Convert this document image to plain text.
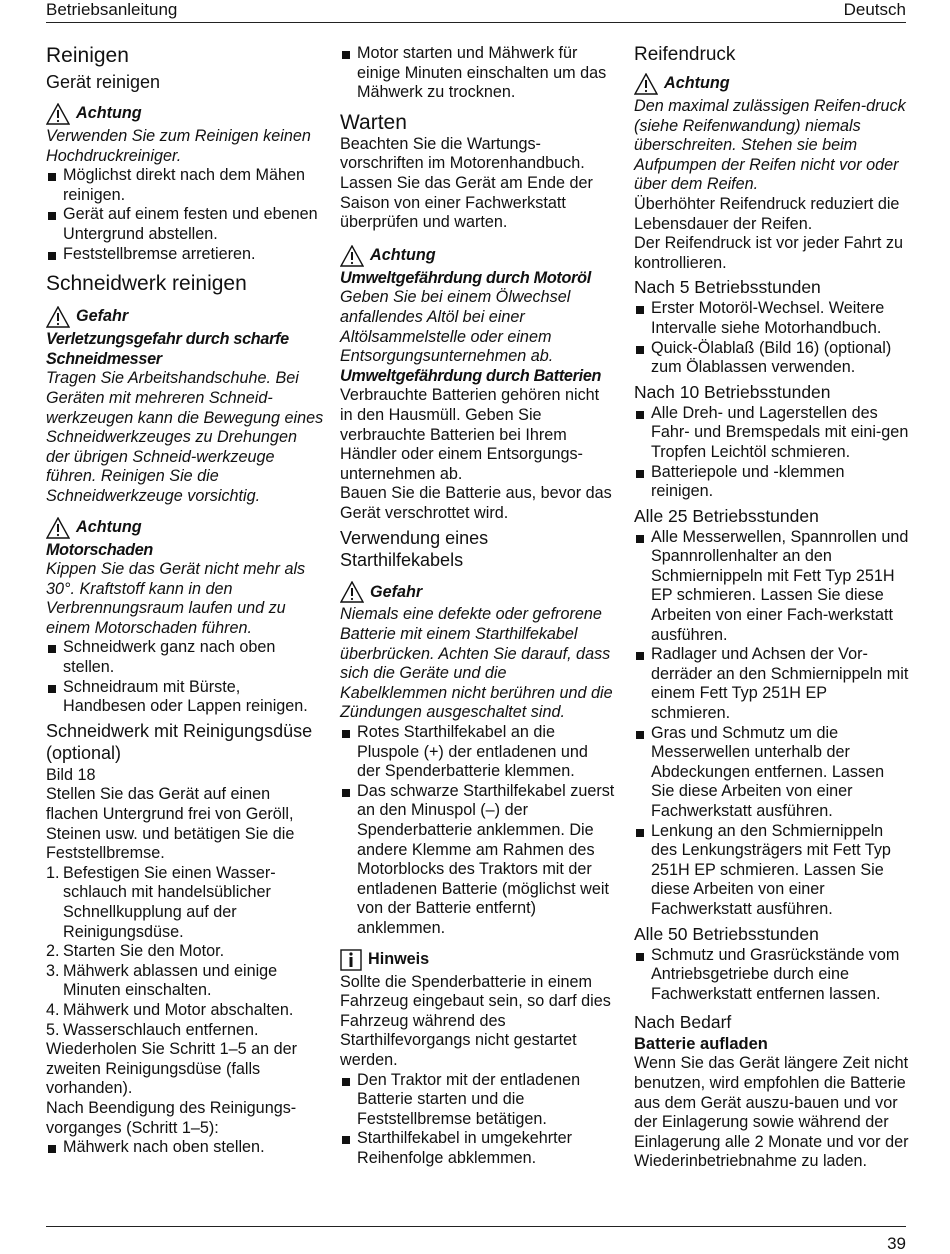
Betriebsanleitung	Deutsch
Reinigen
Gerät reinigen
Achtung

Verwenden Sie zum Reinigen keinen Hochdruckreiniger.

Möglichst direkt nach dem Mähen reinigen.
Gerät auf einem festen und ebenen Untergrund abstellen.
Feststellbremse arretieren.
Schneidwerk reinigen
Gefahr

Verletzungsgefahr durch scharfe Schneidmesser

Tragen Sie Arbeitshandschuhe. Bei Geräten mit mehreren Schneid-werkzeugen kann die Bewegung eines Schneidwerkzeuges zu Drehungen der übrigen Schneid-werkzeuge führen. Reinigen Sie die Schneidwerkzeuge vorsichtig.

Achtung

Motorschaden

Kippen Sie das Gerät nicht mehr als 30°. Kraftstoff kann in den Verbrennungsraum laufen und zu einem Motorschaden führen.

Schneidwerk ganz nach oben stellen.
Schneidraum mit Bürste, Handbesen oder Lappen reinigen.
Schneidwerk mit Reinigungsdüse (optional)

Bild 18

Stellen Sie das Gerät auf einen flachen Untergrund frei von Geröll, Steinen usw. und betätigen Sie die Feststellbremse.

1. Befestigen Sie einen Wasser-schlauch mit handelsüblicher Schnellkupplung auf der Reinigungsdüse.
2. Starten Sie den Motor.
3. Mähwerk ablassen und einige Minuten einschalten.
4. Mähwerk und Motor abschalten.
5. Wasserschlauch entfernen.

Wiederholen Sie Schritt 1–5 an der zweiten Reinigungsdüse (falls vorhanden).

Nach Beendigung des Reinigungs-vorganges (Schritt 1–5):

Mähwerk nach oben stellen.
Motor starten und Mähwerk für einige Minuten einschalten um das Mähwerk zu trocknen.
Warten

Beachten Sie die Wartungs-vorschriften im Motorenhandbuch. Lassen Sie das Gerät am Ende der Saison von einer Fachwerkstatt überprüfen und warten.

Achtung

Umweltgefährdung durch Motoröl

Geben Sie bei einem Ölwechsel anfallendes Altöl bei einer Altölsammelstelle oder einem Entsorgungsunternehmen ab.

Umweltgefährdung durch Batterien

Verbrauchte Batterien gehören nicht in den Hausmüll. Geben Sie verbrauchte Batterien bei Ihrem Händler oder einem Entsorgungs-unternehmen ab.

Bauen Sie die Batterie aus, bevor das Gerät verschrottet wird.

Verwendung eines Starthilfekabels
Gefahr

Niemals eine defekte oder gefrorene Batterie mit einem Starthilfekabel überbrücken. Achten Sie darauf, dass sich die Geräte und die Kabelklemmen nicht berühren und die Zündungen ausgeschaltet sind.

Rotes Starthilfekabel an die Pluspole (+) der entladenen und der Spenderbatterie klemmen.
Das schwarze Starthilfekabel zuerst an den Minuspol (–) der Spenderbatterie anklemmen. Die andere Klemme am Rahmen des Motorblocks des Traktors mit der entladenen Batterie (möglichst weit von der Batterie entfernt) anklemmen.
Hinweis

Sollte die Spenderbatterie in einem Fahrzeug eingebaut sein, so darf dies Fahrzeug während des Starthilfevorgangs nicht gestartet werden.

Den Traktor mit der entladenen Batterie starten und die Feststellbremse betätigen.
Starthilfekabel in umgekehrter Reihenfolge abklemmen.
Reifendruck
Achtung

Den maximal zulässigen Reifen-druck (siehe Reifenwandung) niemals überschreiten. Stehen sie beim Aufpumpen der Reifen nicht vor oder über dem Reifen.

Überhöhter Reifendruck reduziert die Lebensdauer der Reifen.

Der Reifendruck ist vor jeder Fahrt zu kontrollieren.

Nach 5 Betriebsstunden
Erster Motoröl-Wechsel. Weitere Intervalle siehe Motorhandbuch.
Quick-Ölablaß (Bild 16) (optional) zum Ölablassen verwenden.
Nach 10 Betriebsstunden
Alle Dreh- und Lagerstellen des Fahr- und Bremspedals mit eini-gen Tropfen Leichtöl schmieren.
Batteriepole und -klemmen reinigen.
Alle 25 Betriebsstunden
Alle Messerwellen, Spannrollen und Spannrollenhalter an den Schmiernippeln mit Fett Typ 251H EP schmieren. Lassen Sie diese Arbeiten von einer Fach-werkstatt ausführen.
Radlager und Achsen der Vor-derräder an den Schmiernippeln mit einem Fett Typ 251H EP schmieren.
Gras und Schmutz um die Messerwellen unterhalb der Abdeckungen entfernen. Lassen Sie diese Arbeiten von einer Fachwerkstatt ausführen.
Lenkung an den Schmiernippeln des Lenkungsträgers mit Fett Typ 251H EP schmieren. Lassen Sie diese Arbeiten von einer Fachwerkstatt ausführen.
Alle 50 Betriebsstunden
Schmutz und Grasrückstände vom Antriebsgetriebe durch eine Fachwerkstatt entfernen lassen.
Nach Bedarf

Batterie aufladen

Wenn Sie das Gerät längere Zeit nicht benutzen, wird empfohlen die Batterie aus dem Gerät auszu-bauen und vor der Einlagerung sowie während der Einlagerung alle 2 Monate und vor der Wiederinbetriebnahme zu laden.

39
